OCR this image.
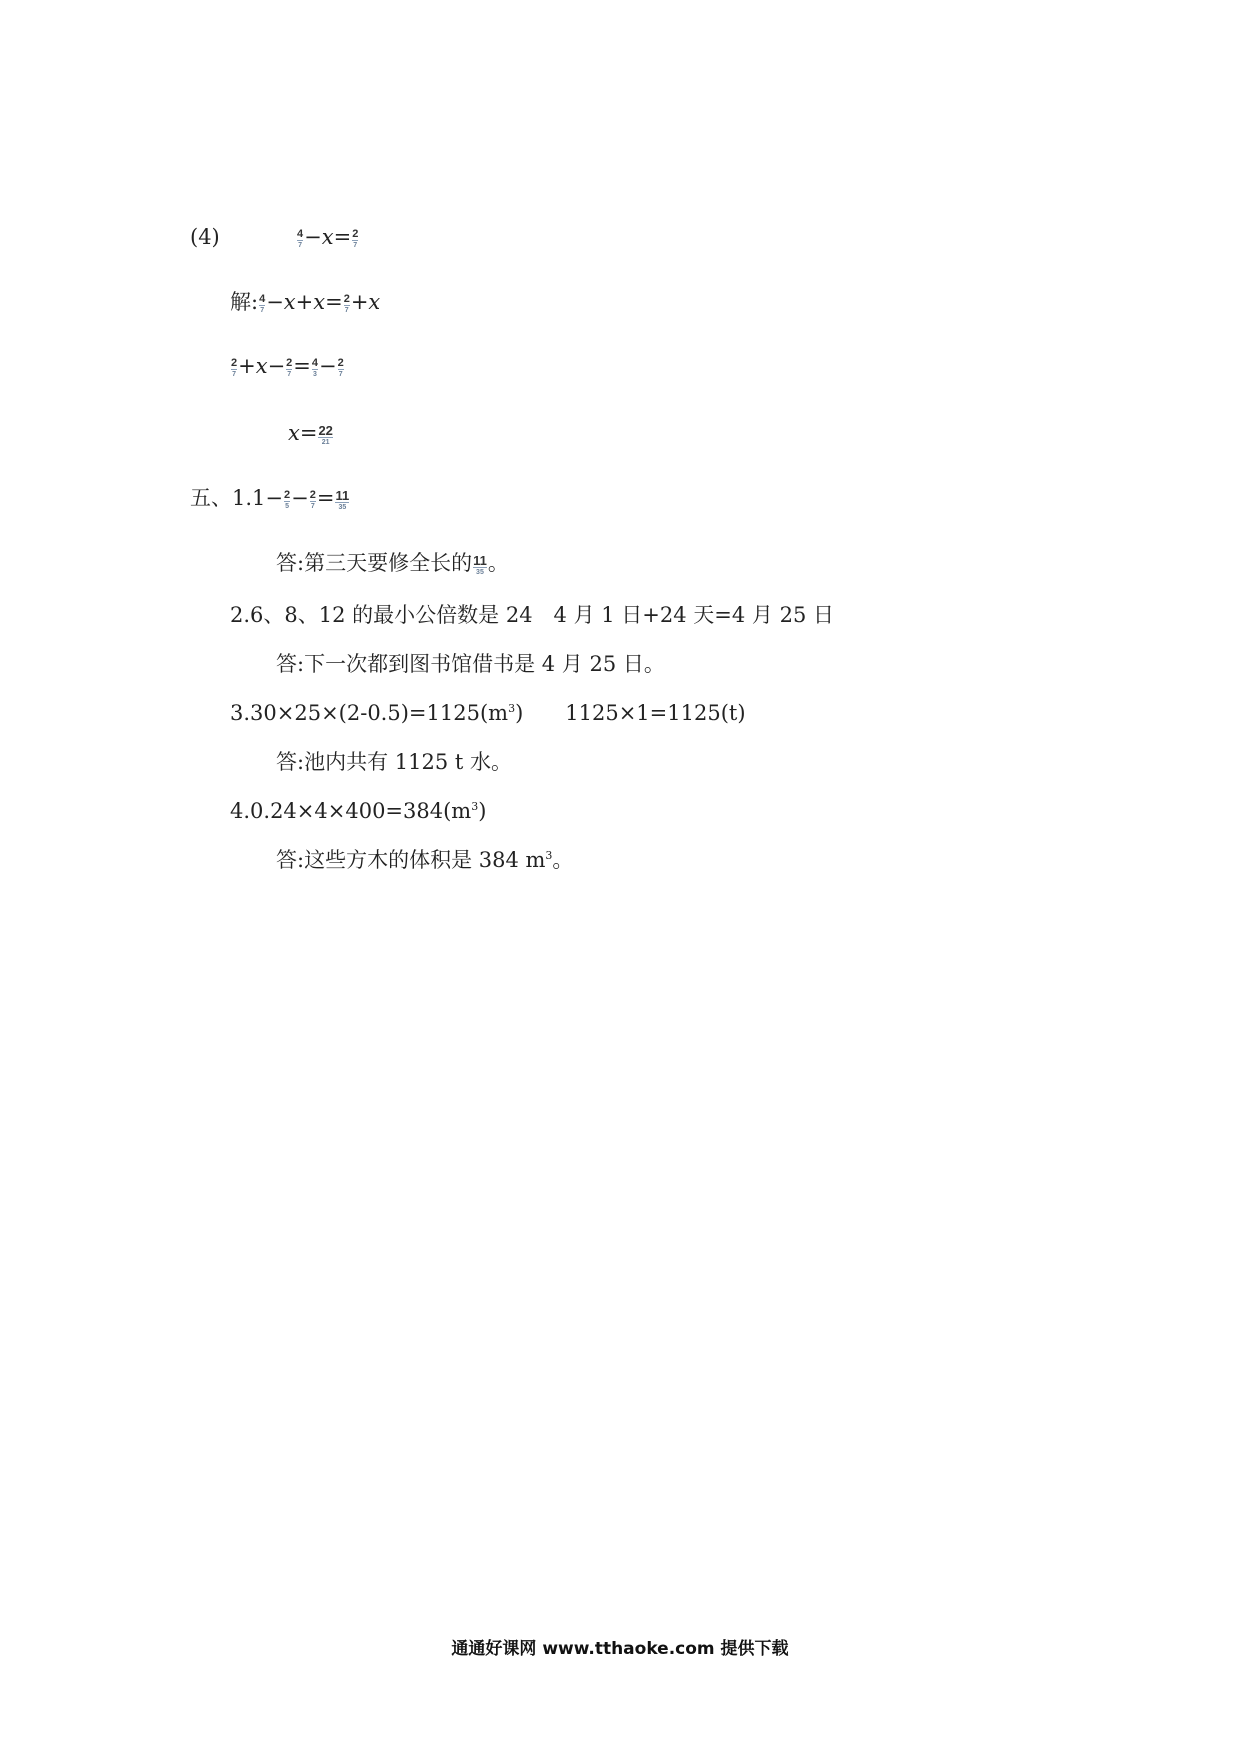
(4)	4
7 −x= 2
7
解: 4
7 −x+x= 2
7 +x
2
7 +x− 2
7 = 4
3 − 2
7
x= 22
21
五、1.1− 2
5 − 2
7 = 11
35
答:第三天要修全长的 11
35 。
2.6、8、12 的最小公倍数是 24　4 月 1 日+24 天=4 月 25 日
答:下一次都到图书馆借书是 4 月 25 日。
$3.30\times 25\times(2-0.5)=1125(m^3)$　　1125×1=1125(t)
答:池内共有 1125 t 水。
$4.0.24\times 4\times 400=384(m^3)$
答:这些方木的体积是 384 $m^3$。
通通好课网 www.tthaoke.com 提供下载
